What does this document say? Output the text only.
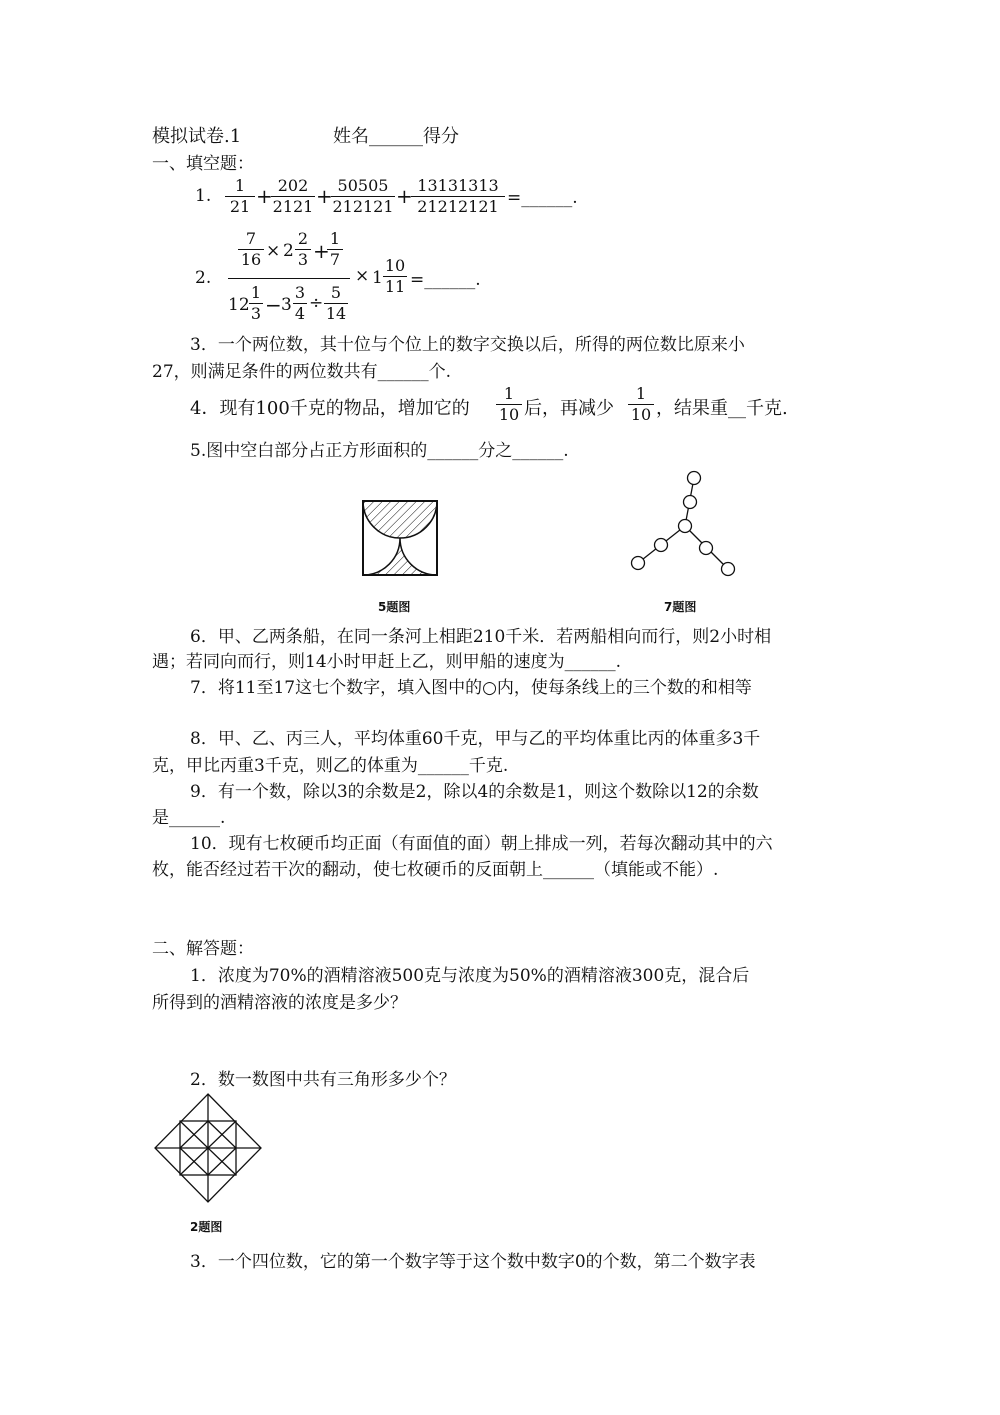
模拟试卷.1	姓名______得分
一、填空题：
1. $\frac{1}{21}$ +
$\frac{202}{2121}$ +
$\frac{50505}{212121}$ +
$\frac{13131313}{21212121}$ =______.
2.
$\frac{7}{16} \times 2 \frac{2}{3}$ +
$\frac{1}{7}$
$12 \frac{1}{3} - 3 \frac{3}{4} \div \frac{5}{14}$
× $1 \frac{10}{11}$ =______.
3．一个两位数，其十位与个位上的数字交换以后，所得的两位数比原来小
27，则满足条件的两位数共有______个.
4．现有100千克的物品，增加它的 $\frac{1}{10}$ 后，再减少 $\frac{1}{10}$ ，结果重__千克.
5.图中空白部分占正方形面积的______分之______.
5题图	7题图
6．甲、乙两条船，在同一条河上相距210千米．若两船相向而行，则2小时相
遇；若同向而行，则14小时甲赶上乙，则甲船的速度为______.
7．将11至17这七个数字，填入图中的○内，使每条线上的三个数的和相等
8．甲、乙、丙三人，平均体重60千克，甲与乙的平均体重比丙的体重多3千
克，甲比丙重3千克，则乙的体重为______千克.
9．有一个数，除以3的余数是2，除以4的余数是1，则这个数除以12的余数
是______.
10．现有七枚硬币均正面（有面值的面）朝上排成一列，若每次翻动其中的六
枚，能否经过若干次的翻动，使七枚硬币的反面朝上______（填能或不能）.
二、解答题：
1．浓度为70%的酒精溶液500克与浓度为50%的酒精溶液300克，混合后
所得到的酒精溶液的浓度是多少？
2．数一数图中共有三角形多少个？
2题图
3．一个四位数，它的第一个数字等于这个数中数字0的个数，第二个数字表
